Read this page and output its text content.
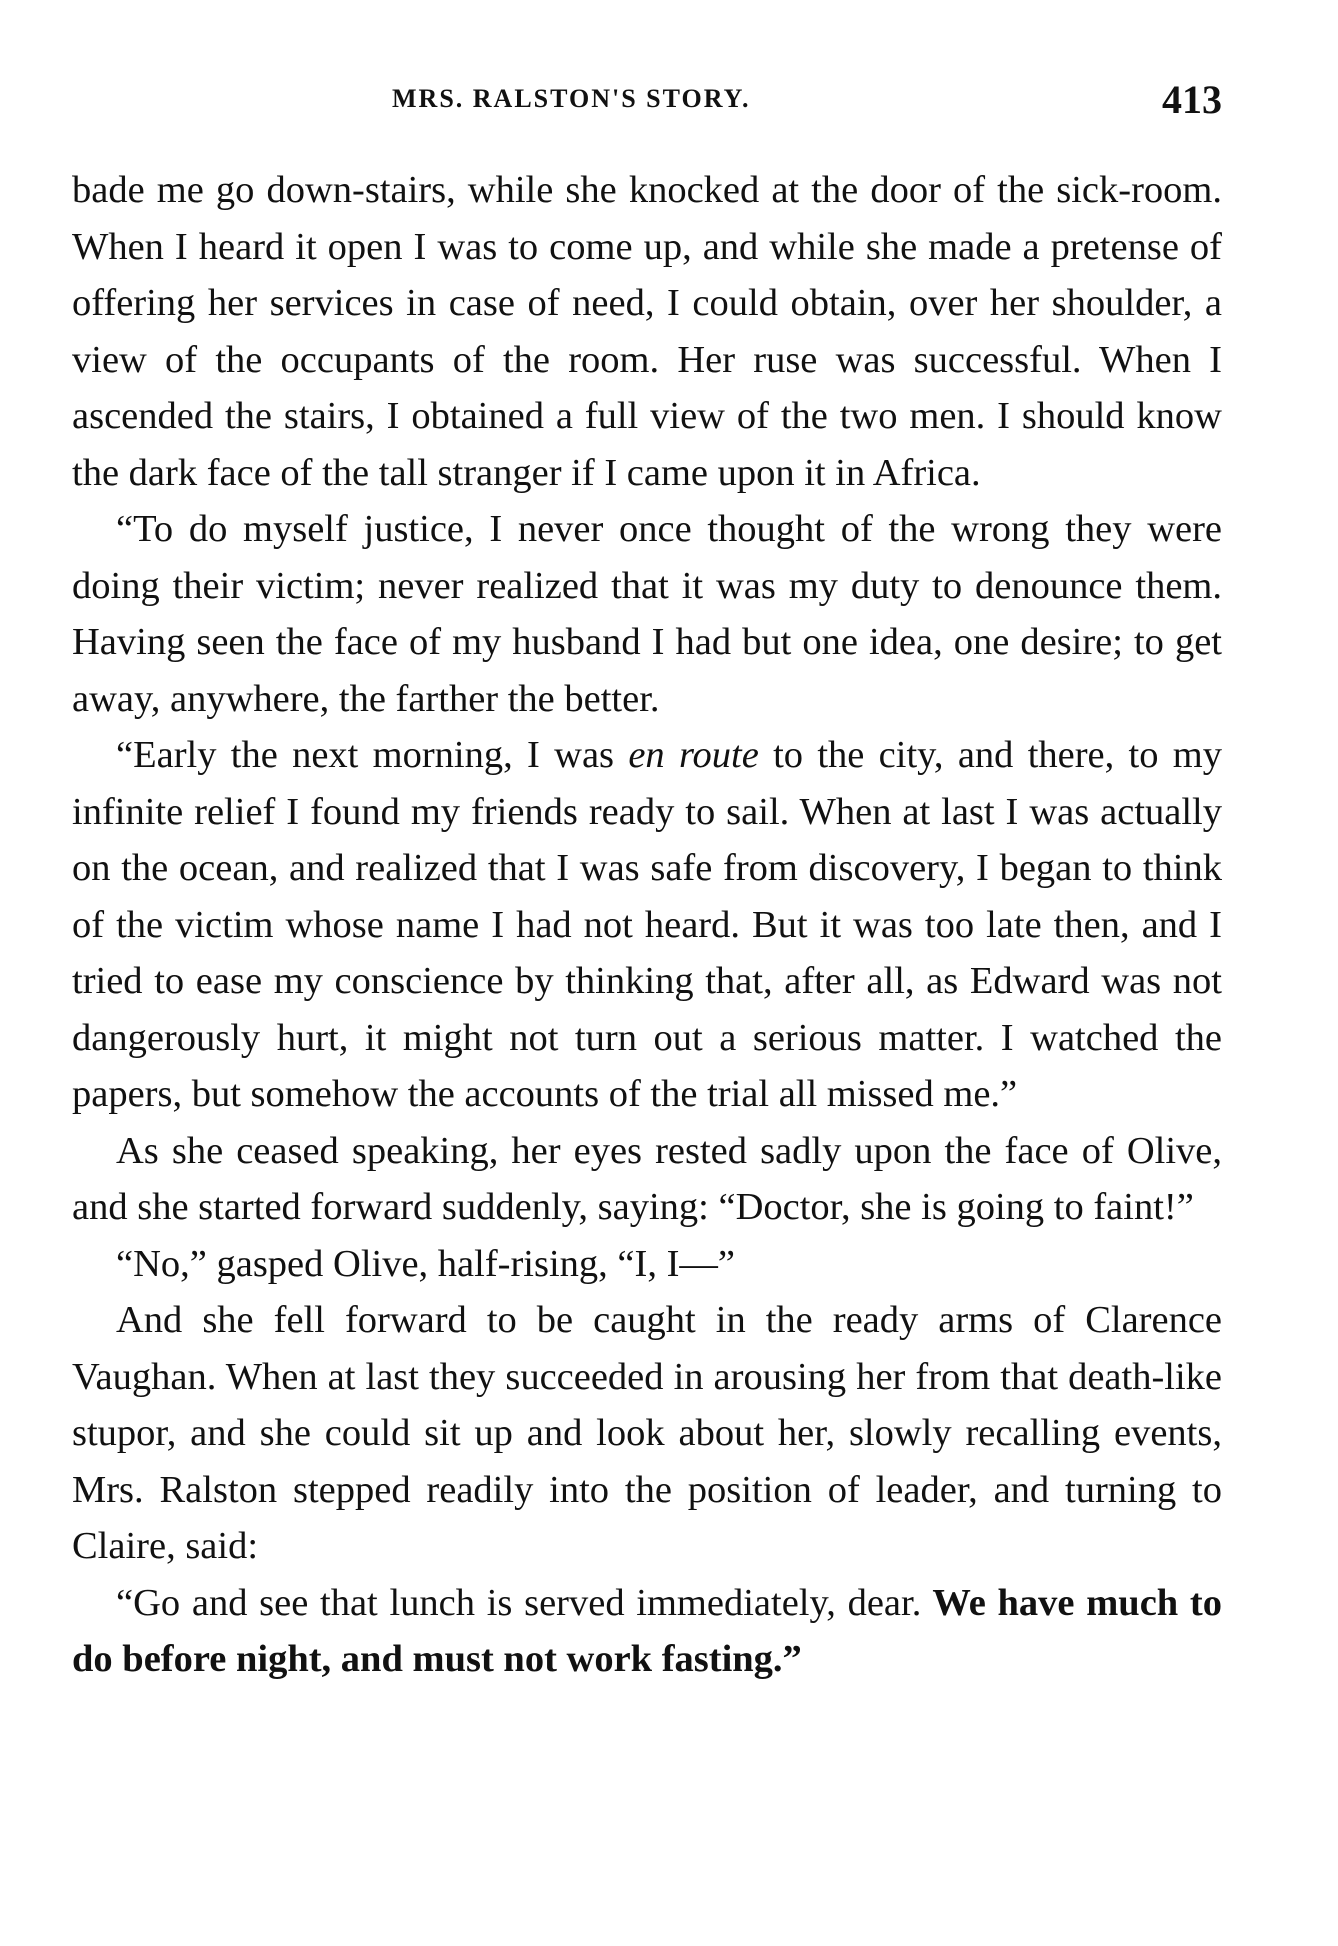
MRS. RALSTON'S STORY.	413

bade me go down-stairs, while she knocked at the door of the sick-room. When I heard it open I was to come up, and while she made a pretense of offering her services in case of need, I could obtain, over her shoulder, a view of the occupants of the room. Her ruse was successful. When I ascended the stairs, I obtained a full view of the two men. I should know the dark face of the tall stranger if I came upon it in Africa.

“To do myself justice, I never once thought of the wrong they were doing their victim; never realized that it was my duty to denounce them. Having seen the face of my husband I had but one idea, one desire; to get away, anywhere, the farther the better.

“Early the next morning, I was en route to the city, and there, to my infinite relief I found my friends ready to sail. When at last I was actually on the ocean, and realized that I was safe from discovery, I began to think of the victim whose name I had not heard. But it was too late then, and I tried to ease my conscience by thinking that, after all, as Edward was not dangerously hurt, it might not turn out a serious matter. I watched the papers, but somehow the accounts of the trial all missed me.”

As she ceased speaking, her eyes rested sadly upon the face of Olive, and she started forward suddenly, saying: “Doctor, she is going to faint!”

“No,” gasped Olive, half-rising, “I, I—”

And she fell forward to be caught in the ready arms of Clarence Vaughan. When at last they succeeded in arousing her from that death-like stupor, and she could sit up and look about her, slowly recalling events, Mrs. Ralston stepped readily into the position of leader, and turning to Claire, said:

“Go and see that lunch is served immediately, dear. We have much to do before night, and must not work fasting.”
